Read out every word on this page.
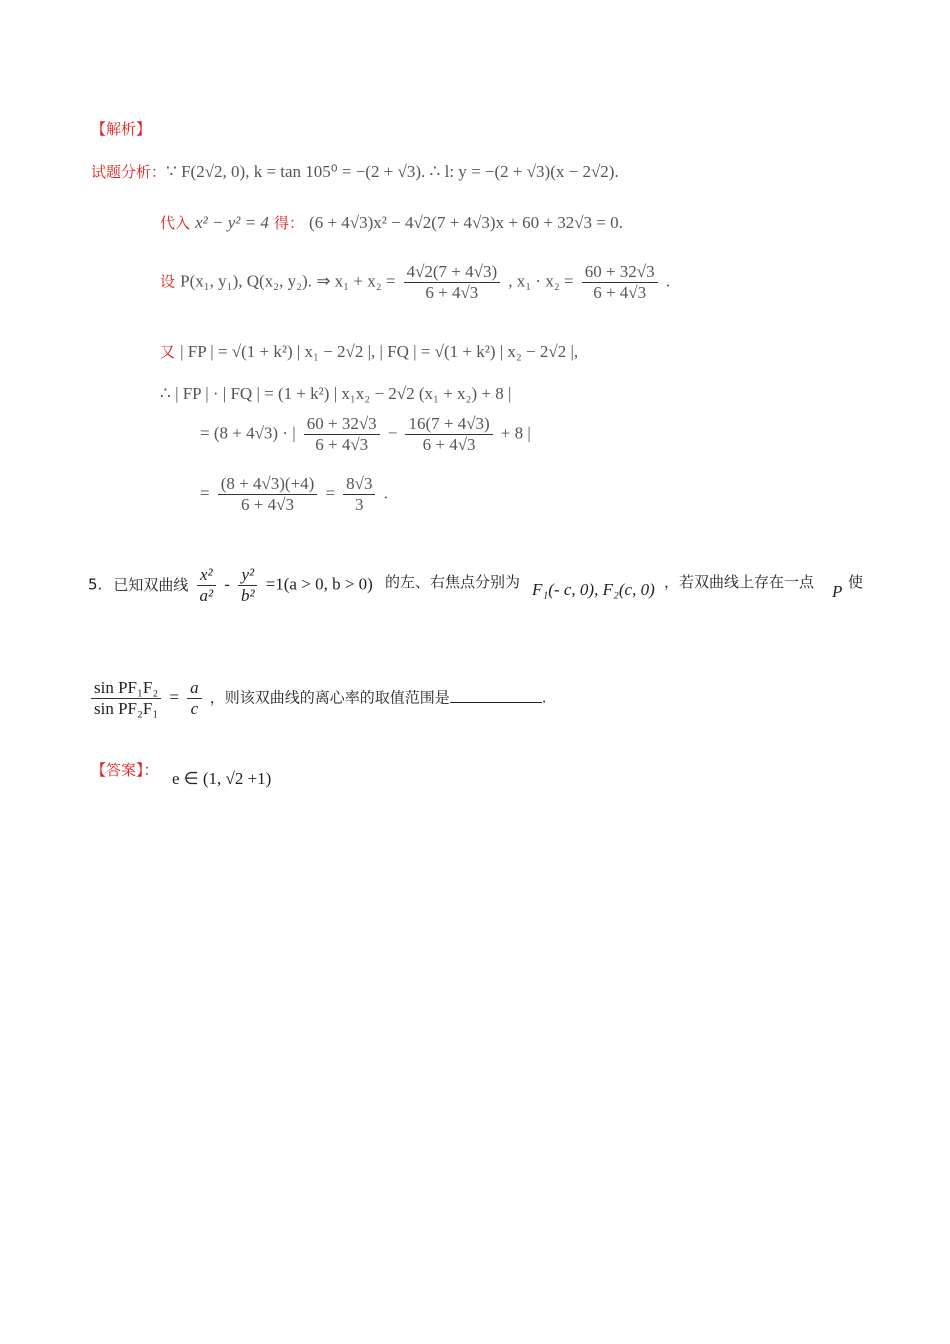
【解析】
试题分析：∵ F(2√2, 0), k = tan 105⁰ = −(2 + √3). ∴ l: y = −(2 + √3)(x − 2√2).
代入 x² − y² = 4 得： (6 + 4√3)x² − 4√2(7 + 4√3)x + 60 + 32√3 = 0.
设 P(x₁, y₁), Q(x₂, y₂). ⇒ $x_1 + x_2 = \frac{4√2(7 + 4√3)}{6 + 4√3}$ , $x_1 \cdot x_2 = \frac{60 + 32√3}{6 + 4√3}$ .
又 | FP | = √(1 + k²) | x₁ − 2√2 |, | FQ | = √(1 + k²) | x₂ − 2√2 |,
∴ | FP | · | FQ | = (1 + k²) | x₁x₂ − 2√2 (x₁ + x₂) + 8 |
= (8 + 4√3) · | $\frac{60 + 32√3}{6 + 4√3} - \frac{16(7 + 4√3)}{6 + 4√3} + 8$ |
= $\frac{(8 + 4√3)(+4)}{6 + 4√3} = \frac{8√3}{3}$ .
5. 已知双曲线 $\frac{\text{x²}}{\text{a²}} - \frac{\text{y²}}{\text{b²}} =1(a > 0$, b > 0) 的左、右焦点分别为 F₁(- c, 0), F₂(c, 0) ，若双曲线上存在一点 P 使
$\frac{\text{sin PF₁F₂}}{\text{sin PF₂F₁}} = \frac{a}{c}$ ，则该双曲线的离心率的取值范围是	.
【答案】： e ∈ (1, √2 +1)
